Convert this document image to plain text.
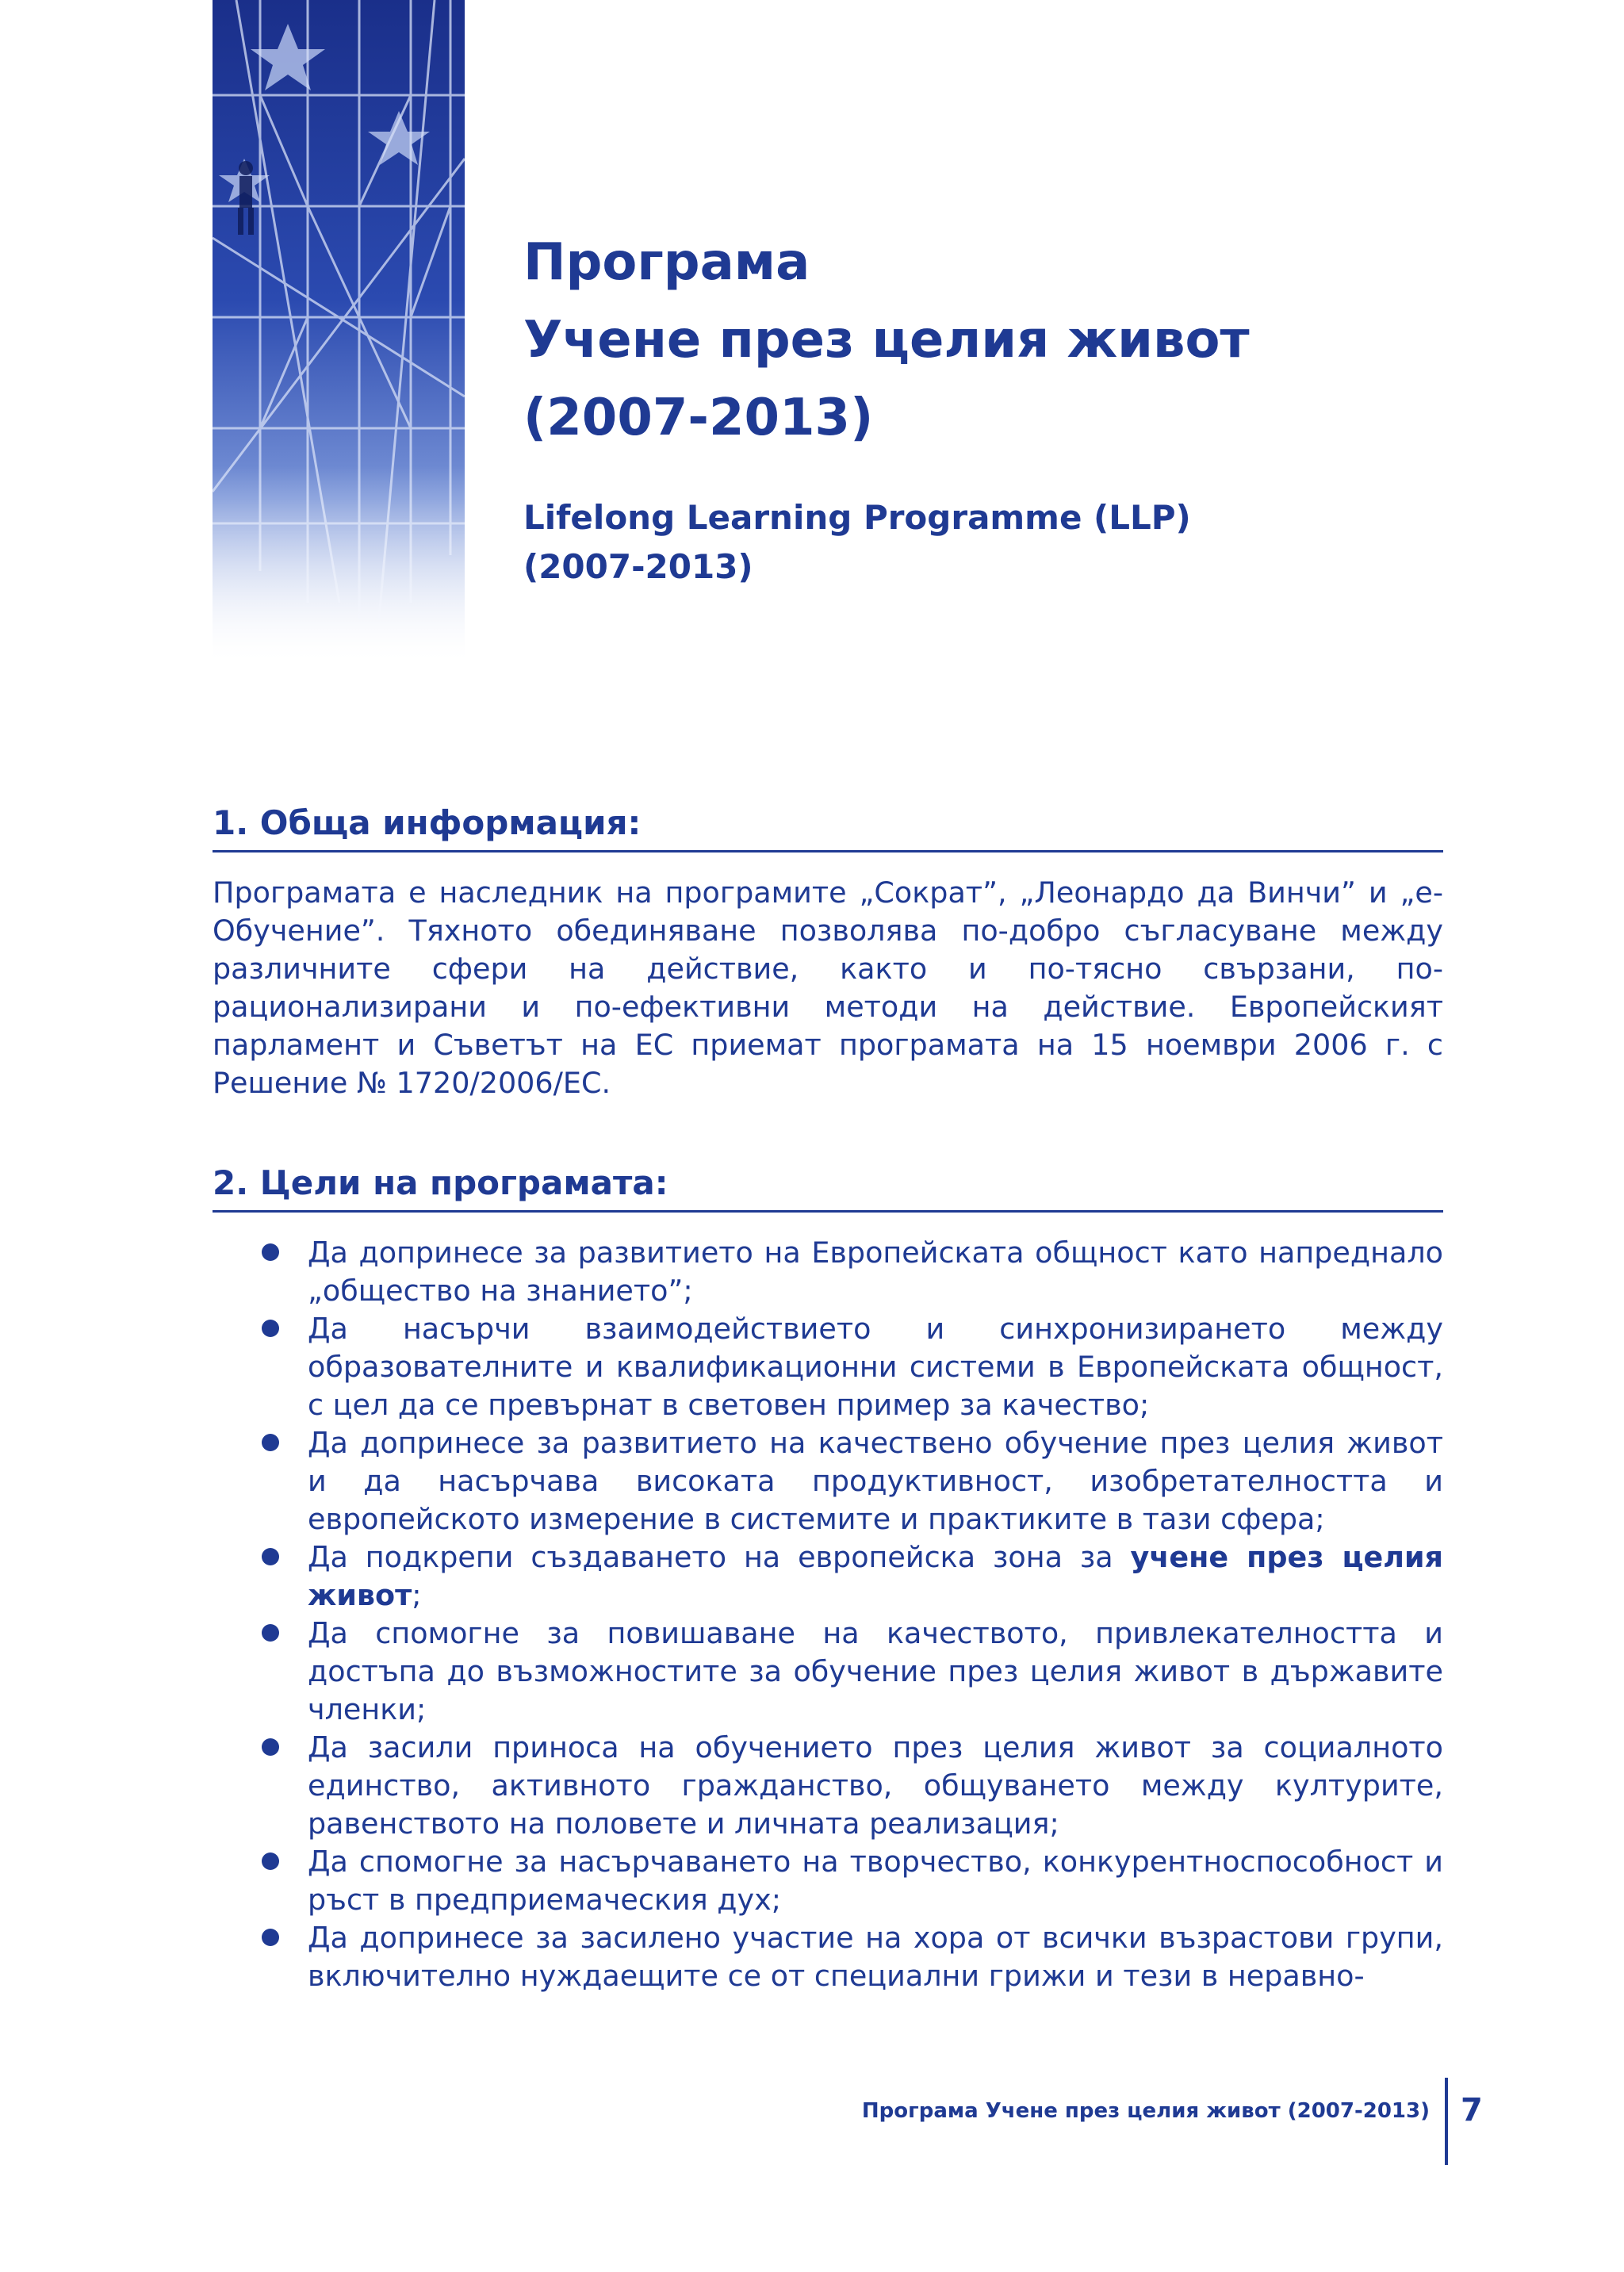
Програма
Учене през целия живот
(2007-2013)
Lifelong Learning Programme (LLP)
(2007-2013)
1. Обща информация:

Програмата е наследник на програмите „Сократ”, „Леонардо да Винчи” и „е-Обучение”. Тяхното обединяване позволява по-добро съгласуване между различните сфери на действие, както и по-тясно свързани, по-рационализирани и по-ефективни методи на действие. Европейският парламент и Съветът на ЕС приемат програмата на 15 ноември 2006 г. с Решение № 1720/2006/ЕС.

2. Цели на програмата:
Да допринесе за развитието на Европейската общност като напреднало „общество на знанието”;
Да насърчи взаимодействието и синхронизирането между образователните и квалификационни системи в Европейската общност, с цел да се превърнат в световен пример за качество;
Да допринесе за развитието на качествено обучение през целия живот и да насърчава високата продуктивност, изобретателността и европейското измерение в системите и практиките в тази сфера;
Да подкрепи създаването на европейска зона за учене през целия живот;
Да спомогне за повишаване на качеството, привлекателността и достъпа до възможностите за обучение през целия живот в държавите членки;
Да засили приноса на обучението през целия живот за социалното единство, активното гражданство, общуването между културите, равенството на половете и личната реализация;
Да спомогне за насърчаването на творчество, конкурентноспособност и ръст в предприемаческия дух;
Да допринесе за засилено участие на хора от всички възрастови групи, включително нуждаещите се от специални грижи и тези в неравно-

Програма Учене през целия живот (2007-2013) 7
